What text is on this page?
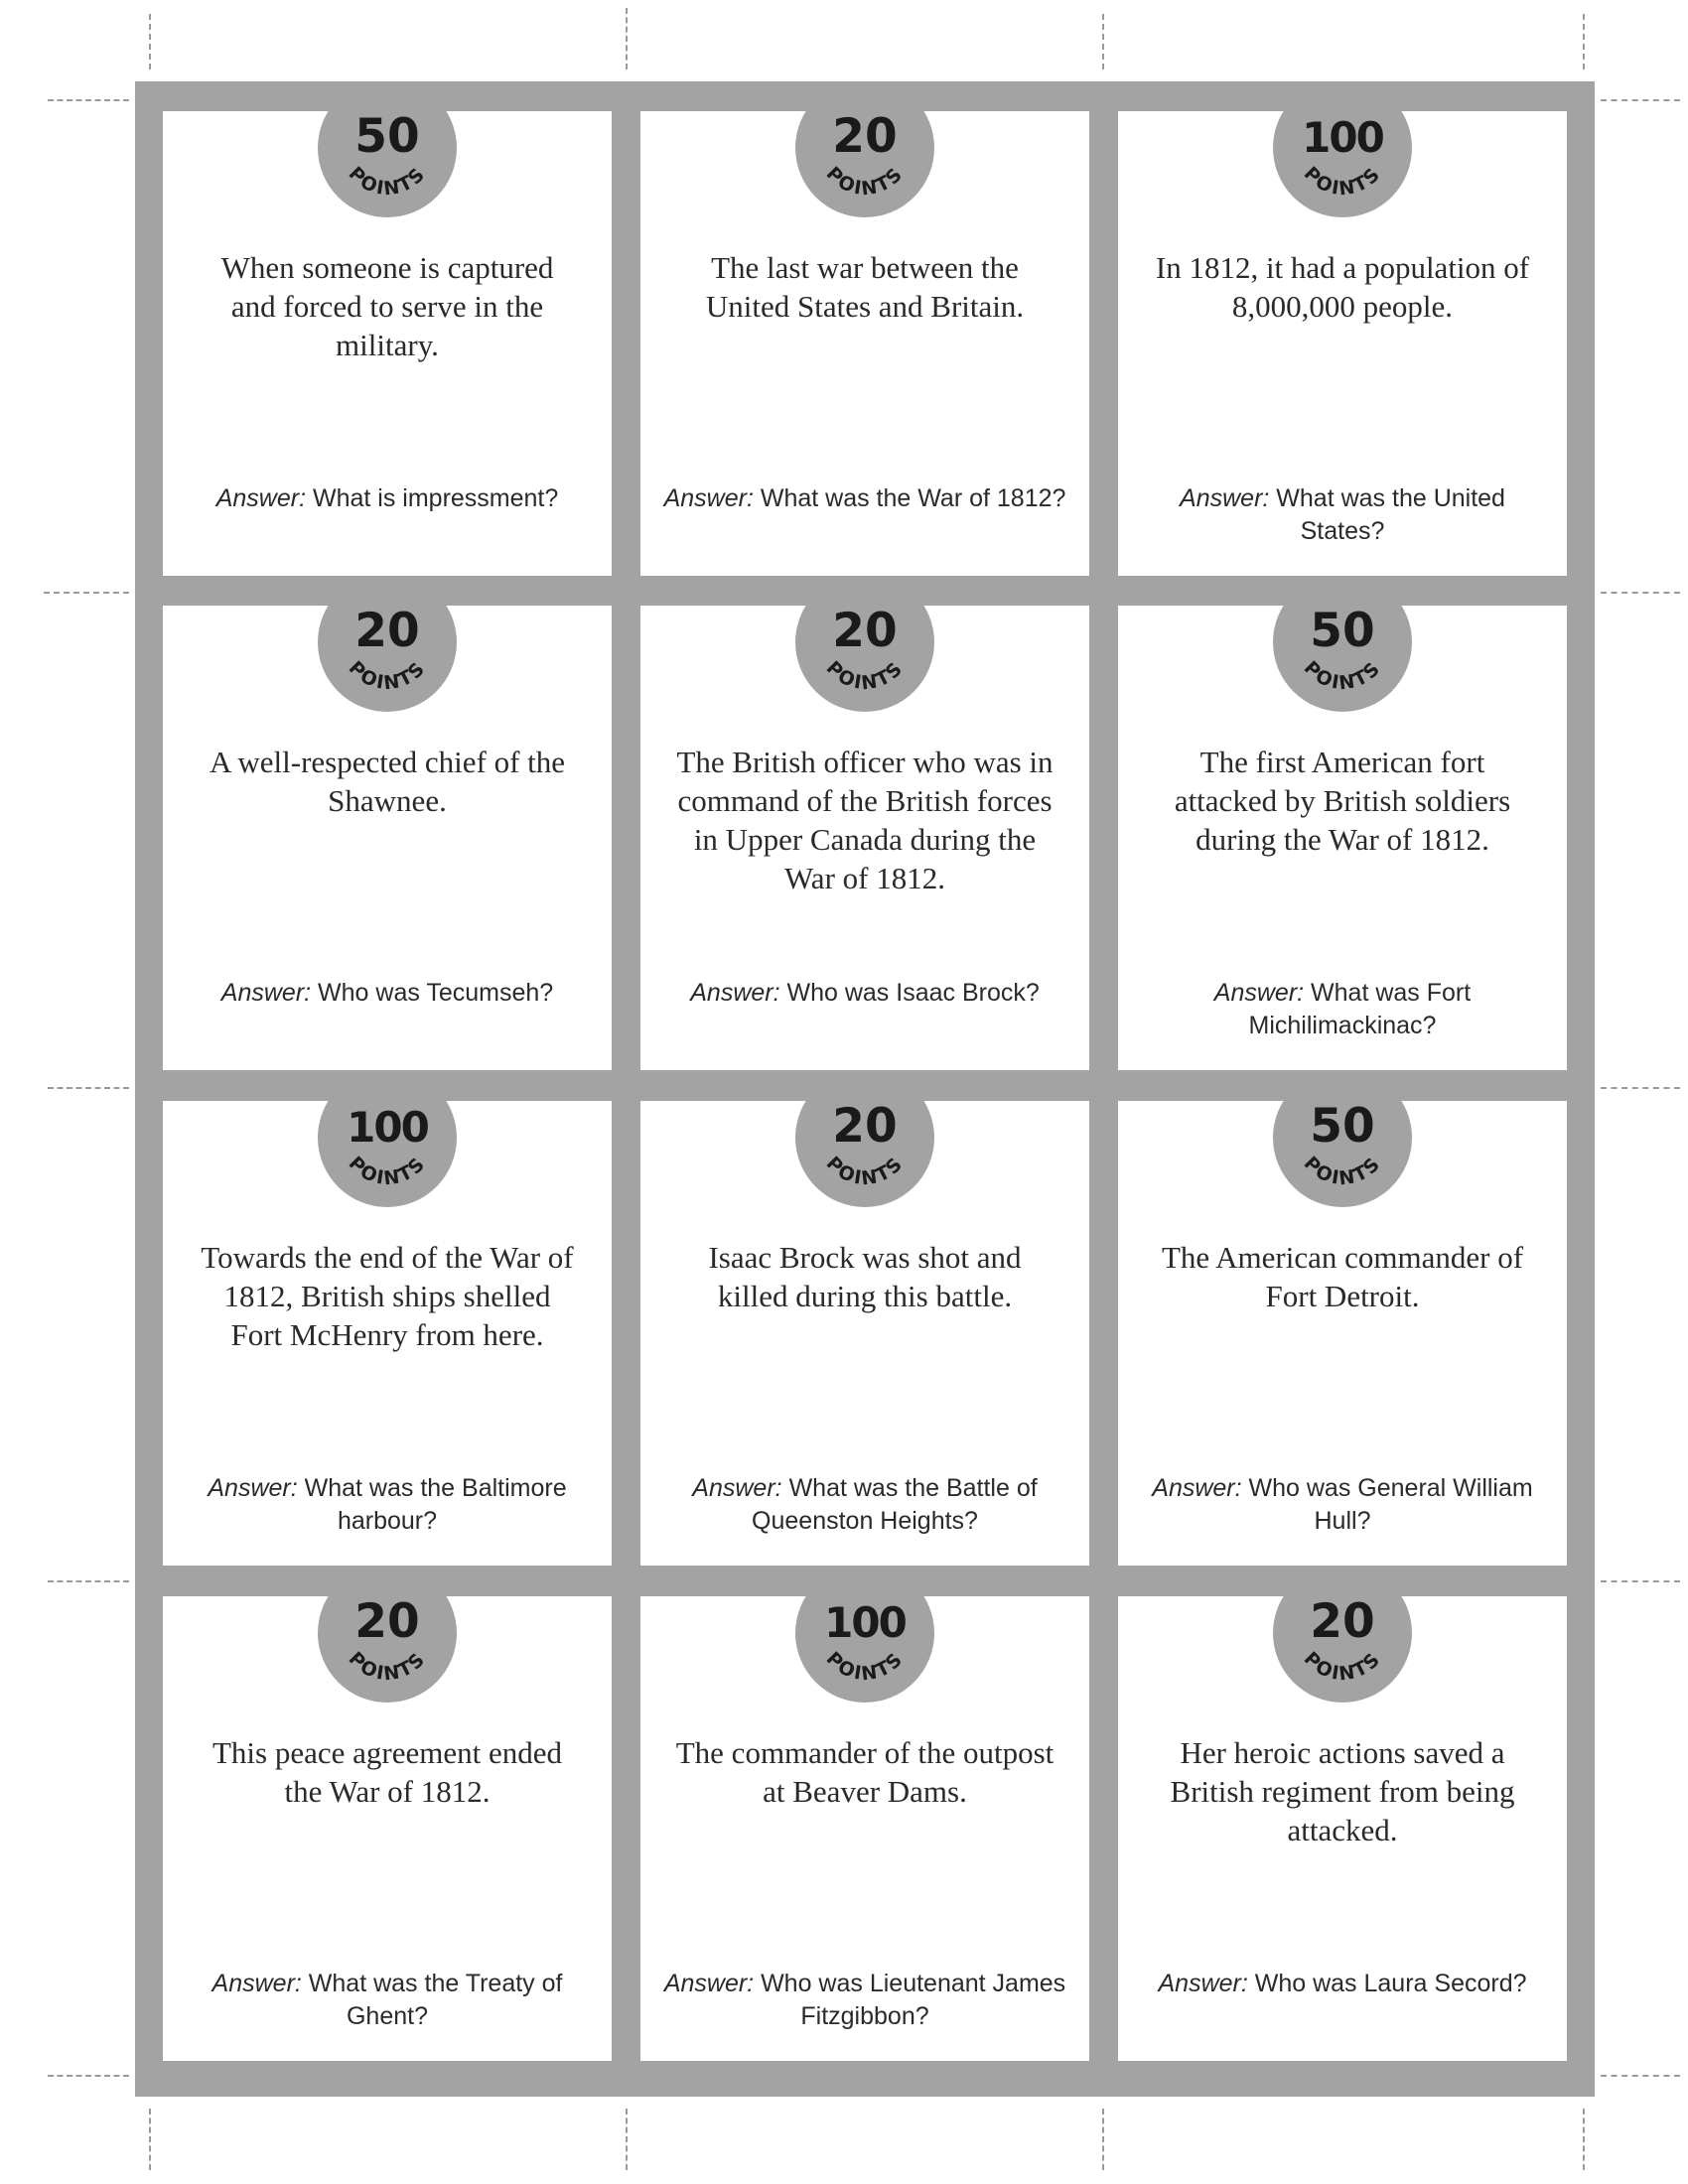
50
POINTS
When someone is captured and forced to serve in the military.
Answer: What is impressment?
20
POINTS
The last war between the United States and Britain.
Answer: What was the War of 1812?
100
POINTS
In 1812, it had a population of 8,000,000 people.
Answer: What was the United States?
20
POINTS
A well-respected chief of the Shawnee.
Answer: Who was Tecumseh?
20
POINTS
The British officer who was in command of the British forces in Upper Canada during the War of 1812.
Answer: Who was Isaac Brock?
50
POINTS
The first American fort attacked by British soldiers during the War of 1812.
Answer: What was Fort Michilimackinac?
100
POINTS
Towards the end of the War of 1812, British ships shelled Fort McHenry from here.
Answer: What was the Baltimore harbour?
20
POINTS
Isaac Brock was shot and killed during this battle.
Answer: What was the Battle of Queenston Heights?
50
POINTS
The American commander of Fort Detroit.
Answer: Who was General William Hull?
20
POINTS
This peace agreement ended the War of 1812.
Answer: What was the Treaty of Ghent?
100
POINTS
The commander of the outpost at Beaver Dams.
Answer: Who was Lieutenant James Fitzgibbon?
20
POINTS
Her heroic actions saved a British regiment from being attacked.
Answer: Who was Laura Secord?
